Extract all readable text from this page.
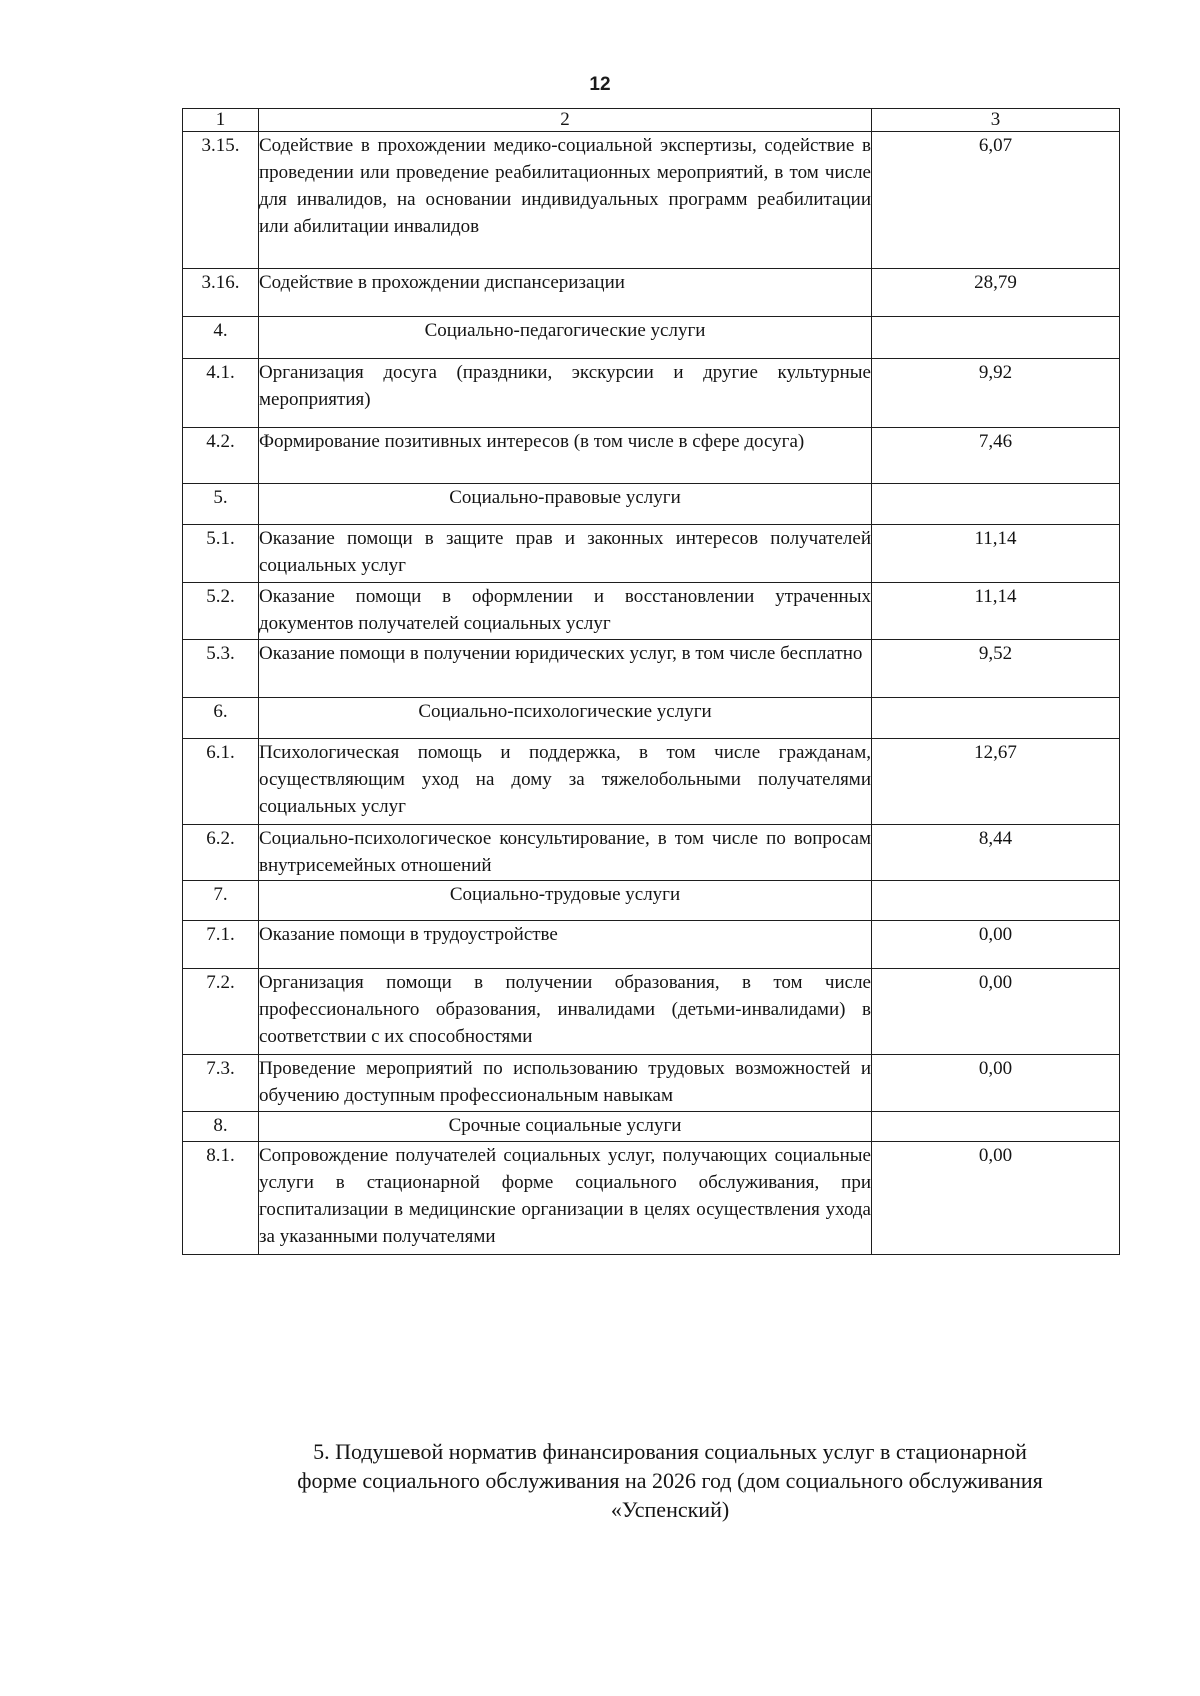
12
1	2	3
3.15.	Содействие в прохождении медико-социальной экспертизы, содействие в проведении или проведение реабилитационных мероприятий, в том числе для инвалидов, на основании индивидуальных программ реабилитации или абилитации инвалидов	6,07
3.16.	Содействие в прохождении диспансеризации	28,79
4.	Социально-педагогические услуги	

4.1.	Организация досуга (праздники, экскурсии и другие культурные мероприятия)	9,92
4.2.	Формирование позитивных интересов (в том числе в сфере досуга)	7,46
5.	Социально-правовые услуги	

5.1.	Оказание помощи в защите прав и законных интересов получателей социальных услуг	11,14
5.2.	Оказание помощи в оформлении и восстановлении утраченных документов получателей социальных услуг	11,14
5.3.	Оказание помощи в получении юридических услуг, в том числе бесплатно	9,52
6.	Социально-психологические услуги	

6.1.	Психологическая помощь и поддержка, в том числе гражданам, осуществляющим уход на дому за тяжелобольными получателями социальных услуг	12,67
6.2.	Социально-психологическое консультирование, в том числе по вопросам внутрисемейных отношений	8,44
7.	Социально-трудовые услуги	

7.1.	Оказание помощи в трудоустройстве	0,00
7.2.	Организация помощи в получении образования, в том числе профессионального образования, инвалидами (детьми-инвалидами) в соответствии с их способностями	0,00
7.3.	Проведение мероприятий по использованию трудовых возможностей и обучению доступным профессиональным навыкам	0,00
8.	Срочные социальные услуги	

8.1.	Сопровождение получателей социальных услуг, получающих социальные услуги в стационарной форме социального обслуживания, при госпитализации в медицинские организации в целях осуществления ухода за указанными получателями	0,00
5. Подушевой норматив финансирования социальных услуг в стационарной
форме социального обслуживания на 2026 год (дом социального обслуживания
«Успенский)
